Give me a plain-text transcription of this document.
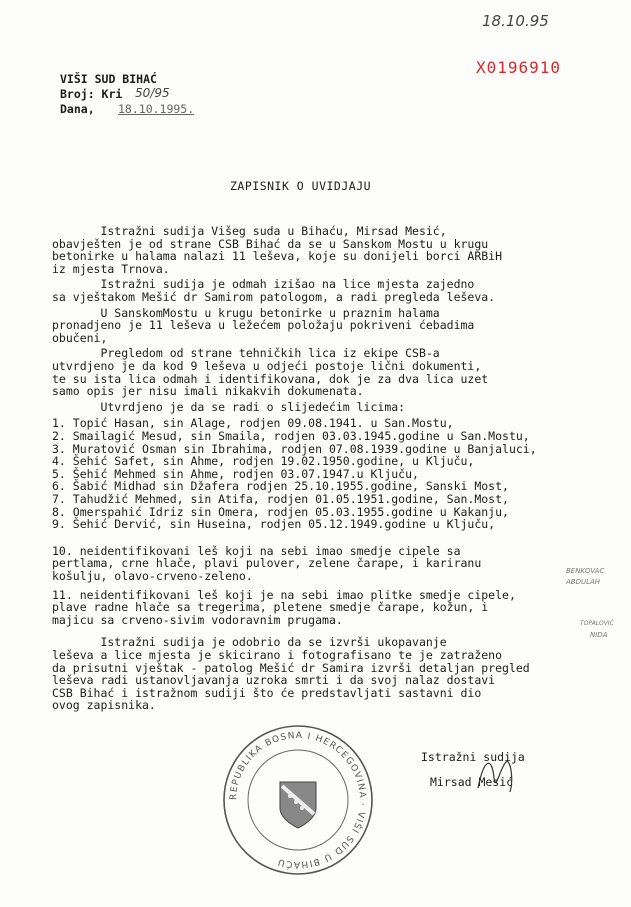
18.10.95
X0196910
VIŠI SUD BIHAĆ
Broj: Kri 50/95
Dana, 18.10.1995.
ZAPISNIK O UVIDJAJU
Istražni sudija Višeg suda u Bihaću, Mirsad Mesić,
obavješten je od strane CSB Bihać da se u Sanskom Mostu u krugu
betonirke u halama nalazi 11 leševa, koje su donijeli borci ARBiH
iz mjesta Trnova.
Istražni sudija je odmah izišao na lice mjesta zajedno
sa vještakom Mešić dr Samirom patologom, a radi pregleda leševa.
U SanskomMostu u krugu betonirke u praznim halama
pronadjeno je 11 leševa u ležećem položaju pokriveni ćebadima
obučeni,
Pregledom od strane tehničkih lica iz ekipe CSB-a
utvrdjeno je da kod 9 leševa u odjeći postoje lični dokumenti,
te su ista lica odmah i identifikovana, dok je za dva lica uzet
samo opis jer nisu imali nikakvih dokumenata.
Utvrdjeno je da se radi o slijedećim licima:
1. Topić Hasan, sin Alage, rodjen 09.08.1941. u San.Mostu,
2. Smailagić Mesud, sin Smaila, rodjen 03.03.1945.godine u San.Mostu,
3. Muratović Osman sin Ibrahima, rodjen 07.08.1939.godine u Banjaluci,
4. Šehić Safet, sin Ahme, rodjen 19.02.1950.godine, u Ključu,
5. Šehić Mehmed sin Ahme, rodjen 03.07.1947.u Ključu,
6. Šabić Midhad sin Džafera rodjen 25.10.1955.godine, Sanski Most,
7. Tahudžić Mehmed, sin Atifa, rodjen 01.05.1951.godine, San.Most,
8. Omerspahić Idriz sin Omera, rodjen 05.03.1955.godine u Kakanju,
9. Šehić Dervić, sin Huseina, rodjen 05.12.1949.godine u Ključu,
10. neidentifikovani leš koji na sebi imao smedje cipele sa
pertlama, crne hlače, plavi pulover, zelene čarape, i kariranu
košulju, olavo-crveno-zeleno.
11. neidentifikovani leš koji je na sebi imao plitke smedje cipele,
plave radne hlače sa tregerima, pletene smedje čarape, kožun, i
majicu sa crveno-sivim vodoravnim prugama.
Istražni sudija je odobrio da se izvrši ukopavanje
leševa a lice mjesta je skicirano i fotografisano te je zatraženo
da prisutni vještak - patolog Mešić dr Samira izvrši detaljan pregled
leševa radi ustanovljavanja uzroka smrti i da svoj nalaz dostavi
CSB Bihać i istražnom sudiji što će predstavljati sastavni dio
ovog zapisnika.
BENKOVAC
ABDULAH
TOPALOVIĆ
NIDA
Istražni sudija
Mirsad Mesić
REPUBLIKA BOSNA I HERCEGOVINA · VIŠI SUD U BIHAĆU
